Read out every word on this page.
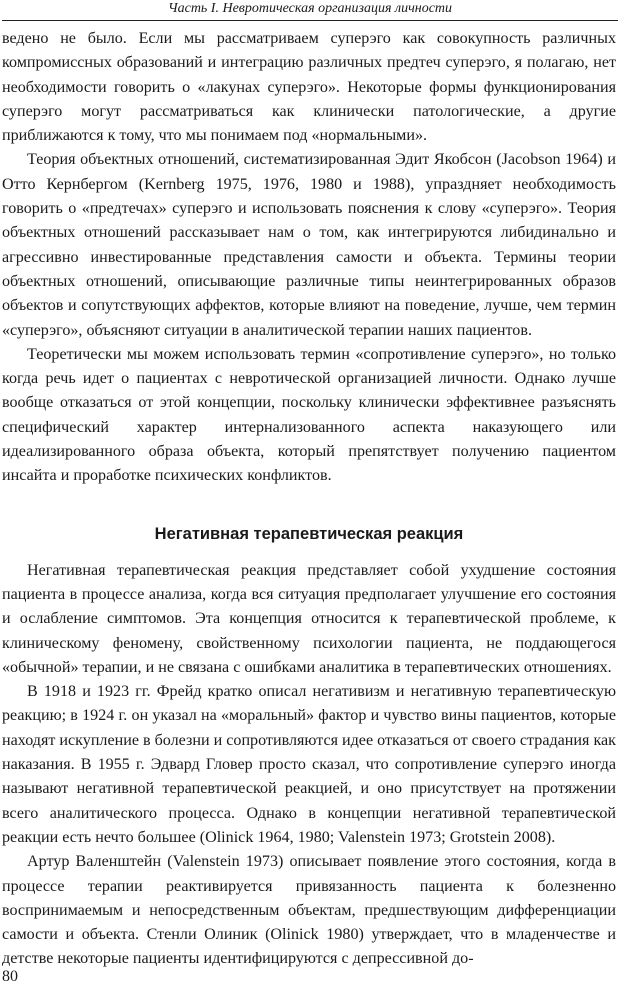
Часть I. Невротическая организация личности

ведено не было. Если мы рассматриваем суперэго как совокупность различных компромиссных образований и интеграцию различных предтеч суперэго, я полагаю, нет необходимости говорить о «лакунах суперэго». Некоторые формы функционирования суперэго могут рассматриваться как клинически патологические, а другие приближаются к тому, что мы понимаем под «нормальными».

Теория объектных отношений, систематизированная Эдит Якобсон (Jacobson 1964) и Отто Кернбергом (Kernberg 1975, 1976, 1980 и 1988), упраздняет необходимость говорить о «предтечах» суперэго и использовать пояснения к слову «суперэго». Теория объектных отношений рассказывает нам о том, как интегрируются либидинально и агрессивно инвестированные представления самости и объекта. Термины теории объектных отношений, описывающие различные типы неинтегрированных образов объектов и сопутствующих аффектов, которые влияют на поведение, лучше, чем термин «суперэго», объясняют ситуации в аналитической терапии наших пациентов.

Теоретически мы можем использовать термин «сопротивление суперэго», но только когда речь идет о пациентах с невротической организацией личности. Однако лучше вообще отказаться от этой концепции, поскольку клинически эффективнее разъяснять специфический характер интернализованного аспекта наказующего или идеализированного образа объекта, который препятствует получению пациентом инсайта и проработке психических конфликтов.

Негативная терапевтическая реакция

Негативная терапевтическая реакция представляет собой ухудшение состояния пациента в процессе анализа, когда вся ситуация предполагает улучшение его состояния и ослабление симптомов. Эта концепция относится к терапевтической проблеме, к клиническому феномену, свойственному психологии пациента, не поддающегося «обычной» терапии, и не связана с ошибками аналитика в терапевтических отношениях.

В 1918 и 1923 гг. Фрейд кратко описал негативизм и негативную терапевтическую реакцию; в 1924 г. он указал на «моральный» фактор и чувство вины пациентов, которые находят искупление в болезни и сопротивляются идее отказаться от своего страдания как наказания. В 1955 г. Эдвард Гловер просто сказал, что сопротивление суперэго иногда называют негативной терапевтической реакцией, и оно присутствует на протяжении всего аналитического процесса. Однако в концепции негативной терапевтической реакции есть нечто большее (Olinick 1964, 1980; Valenstein 1973; Grotstein 2008).

Артур Валенштейн (Valenstein 1973) описывает появление этого состояния, когда в процессе терапии реактивируется привязанность пациента к болезненно воспринимаемым и непосредственным объектам, предшествующим дифференциации самости и объекта. Стенли Олиник (Olinick 1980) утверждает, что в младенчестве и детстве некоторые пациенты идентифицируются с депрессивной до-

80
